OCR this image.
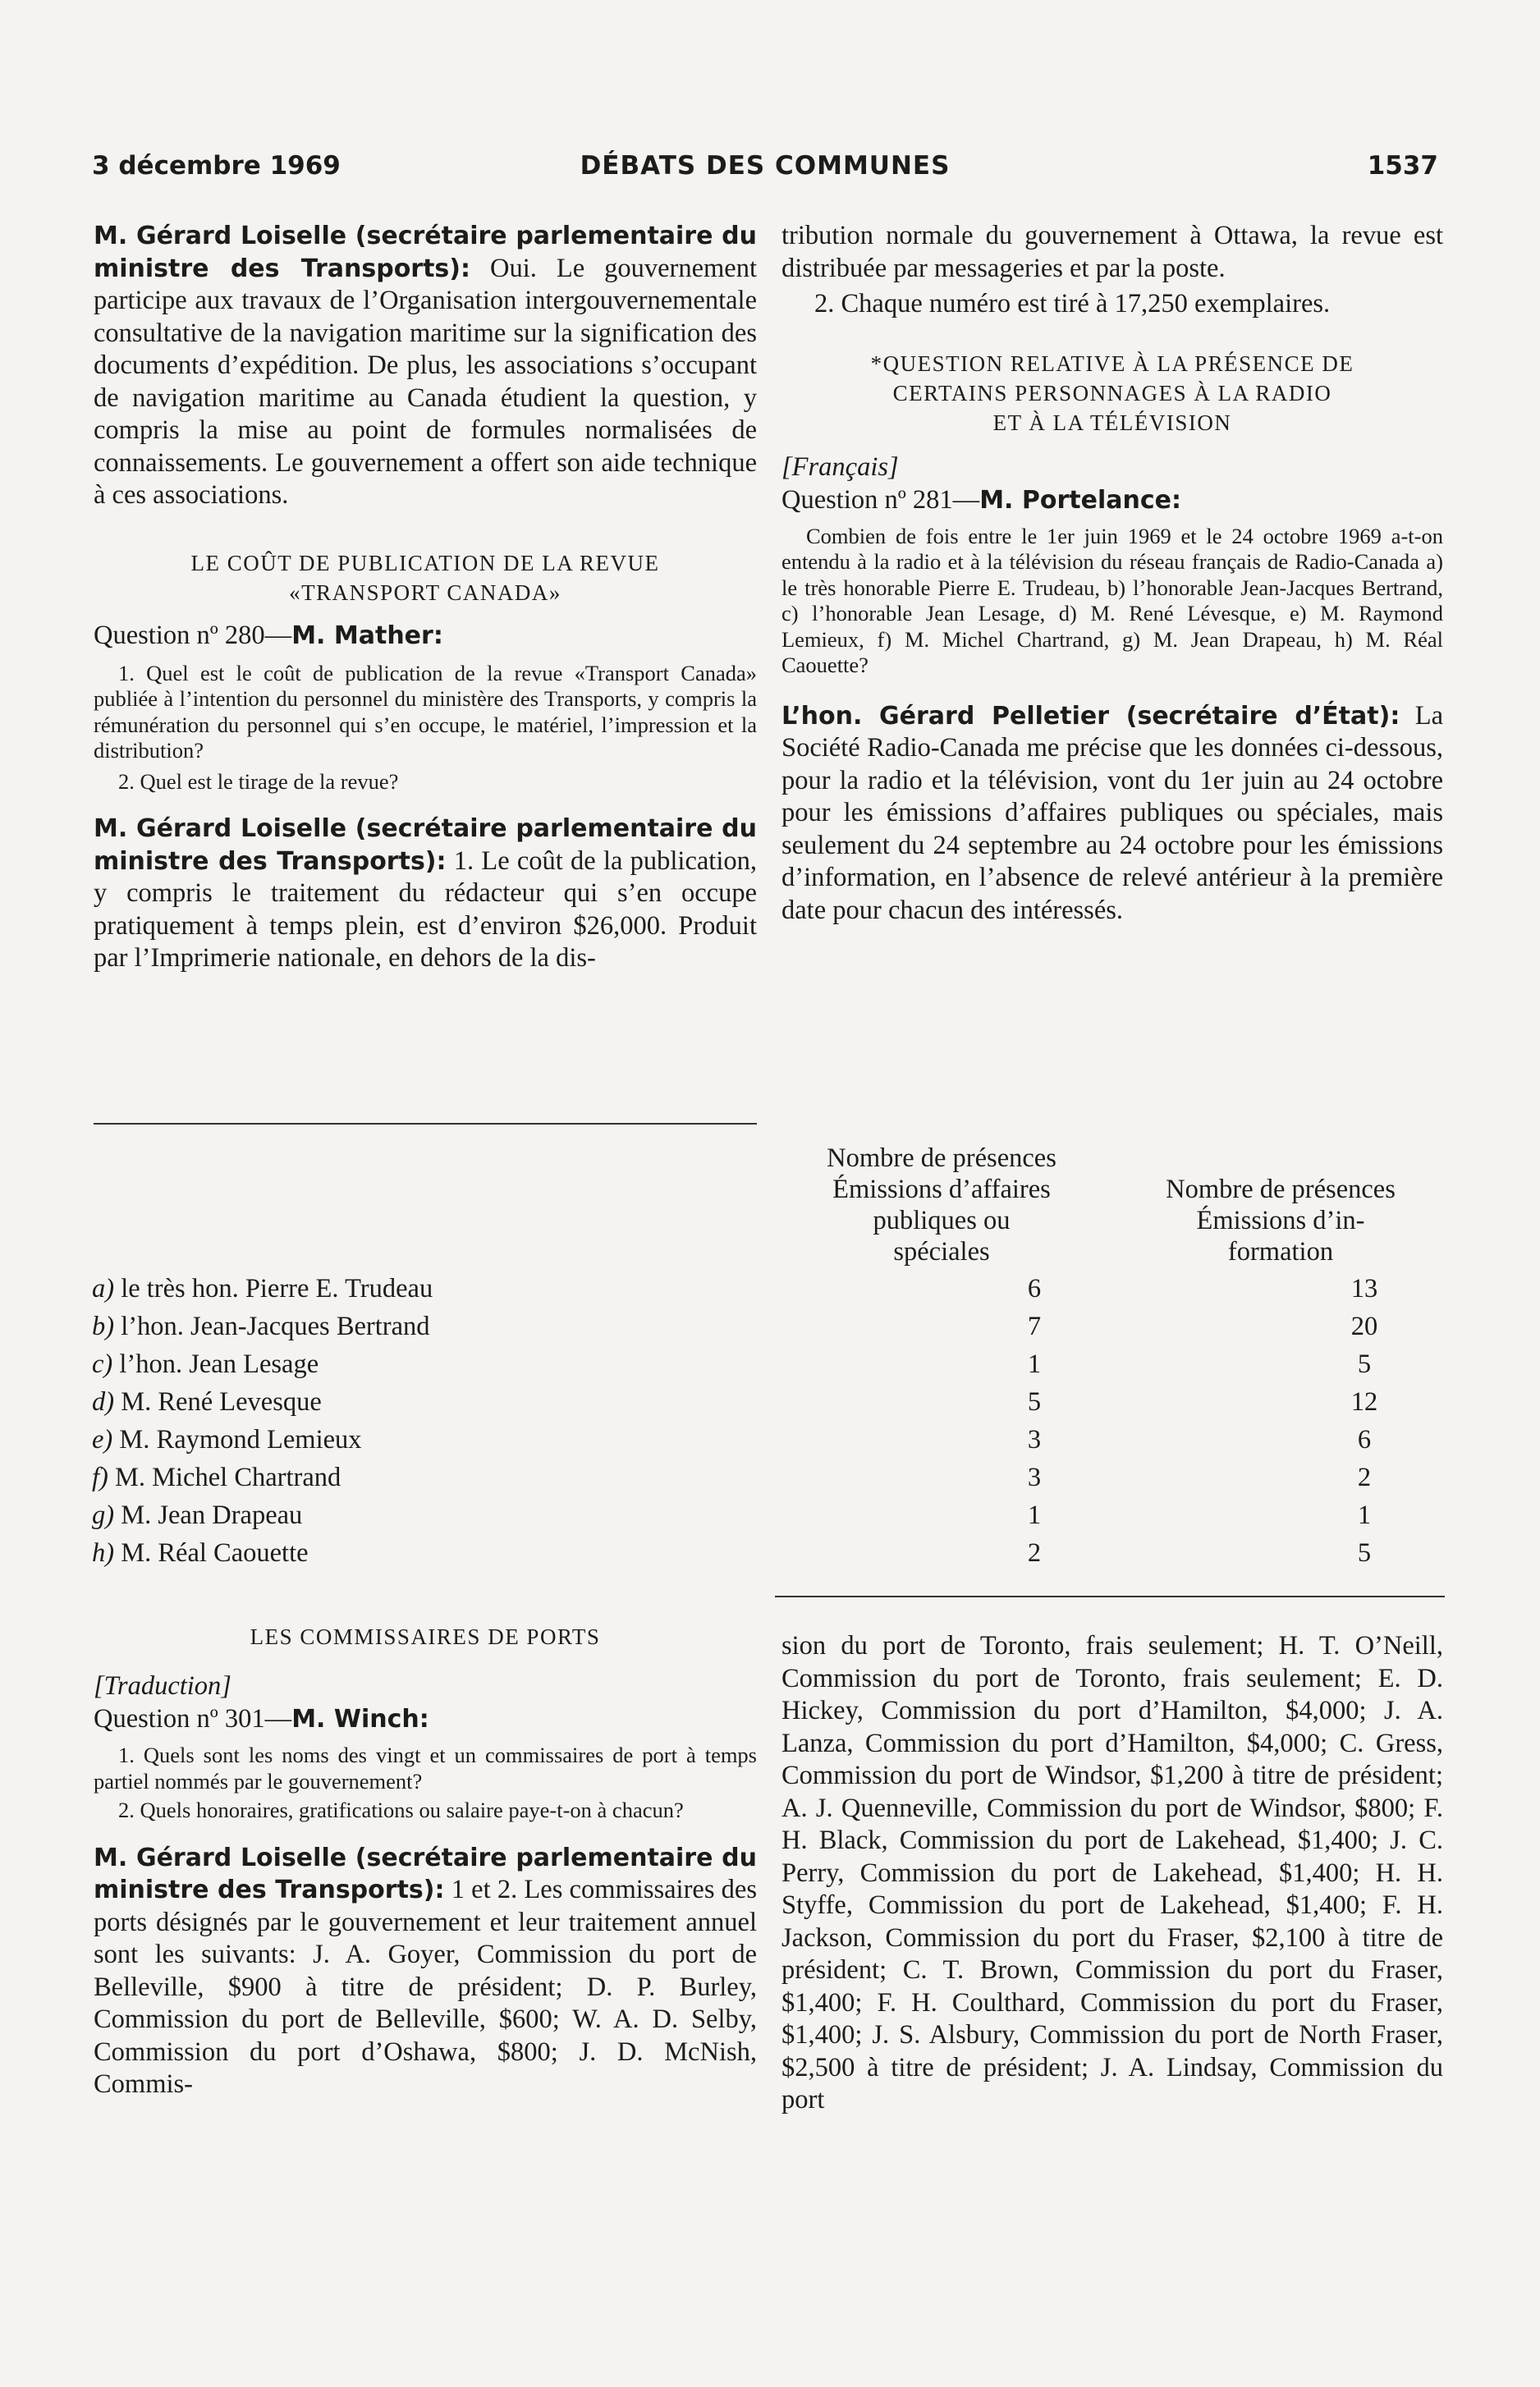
3 décembre 1969	DÉBATS DES COMMUNES	1537

M. Gérard Loiselle (secrétaire parlementaire du ministre des Transports): Oui. Le gouvernement participe aux travaux de l’Organisation intergouvernementale consultative de la navigation maritime sur la signification des documents d’expédition. De plus, les associations s’occupant de navigation maritime au Canada étudient la question, y compris la mise au point de formules normalisées de connaissements. Le gouvernement a offert son aide technique à ces associations.

LE COÛT DE PUBLICATION DE LA REVUE
«TRANSPORT CANADA»
Question nº 280—M. Mather:

1. Quel est le coût de publication de la revue «Transport Canada» publiée à l’intention du personnel du ministère des Transports, y compris la rémunération du personnel qui s’en occupe, le matériel, l’impression et la distribution?

2. Quel est le tirage de la revue?

M. Gérard Loiselle (secrétaire parlementaire du ministre des Transports): 1. Le coût de la publication, y compris le traitement du rédacteur qui s’en occupe pratiquement à temps plein, est d’environ $26,000. Produit par l’Imprimerie nationale, en dehors de la dis-

tribution normale du gouvernement à Ottawa, la revue est distribuée par messageries et par la poste.

2. Chaque numéro est tiré à 17,250 exemplaires.

*QUESTION RELATIVE À LA PRÉSENCE DE
CERTAINS PERSONNAGES À LA RADIO
ET À LA TÉLÉVISION
[Français]
Question nº 281—M. Portelance:

Combien de fois entre le 1er juin 1969 et le 24 octobre 1969 a-t-on entendu à la radio et à la télévision du réseau français de Radio-Canada a) le très honorable Pierre E. Trudeau, b) l’honorable Jean-Jacques Bertrand, c) l’honorable Jean Lesage, d) M. René Lévesque, e) M. Raymond Lemieux, f) M. Michel Chartrand, g) M. Jean Drapeau, h) M. Réal Caouette?

L’hon. Gérard Pelletier (secrétaire d’État): La Société Radio-Canada me précise que les données ci-dessous, pour la radio et la télévision, vont du 1er juin au 24 octobre pour les émissions d’affaires publiques ou spéciales, mais seulement du 24 septembre au 24 octobre pour les émissions d’information, en l’absence de relevé antérieur à la première date pour chacun des intéressés.

Nombre de présences
Émissions d’affaires
publiques ou
spéciales
Nombre de présences
Émissions d’in-
formation
a) le très hon. Pierre E. Trudeau	6	13
b) l’hon. Jean-Jacques Bertrand	7	20
c) l’hon. Jean Lesage	1	5
d) M. René Levesque	5	12
e) M. Raymond Lemieux	3	6
f) M. Michel Chartrand	3	2
g) M. Jean Drapeau	1	1
h) M. Réal Caouette	2	5
LES COMMISSAIRES DE PORTS
[Traduction]
Question nº 301—M. Winch:

1. Quels sont les noms des vingt et un commissaires de port à temps partiel nommés par le gouvernement?

2. Quels honoraires, gratifications ou salaire paye-t-on à chacun?

M. Gérard Loiselle (secrétaire parlementaire du ministre des Transports): 1 et 2. Les commissaires des ports désignés par le gouvernement et leur traitement annuel sont les suivants: J. A. Goyer, Commission du port de Belleville, $900 à titre de président; D. P. Burley, Commission du port de Belleville, $600; W. A. D. Selby, Commission du port d’Oshawa, $800; J. D. McNish, Commis-

sion du port de Toronto, frais seulement; H. T. O’Neill, Commission du port de Toronto, frais seulement; E. D. Hickey, Commission du port d’Hamilton, $4,000; J. A. Lanza, Commission du port d’Hamilton, $4,000; C. Gress, Commission du port de Windsor, $1,200 à titre de président; A. J. Quenneville, Commission du port de Windsor, $800; F. H. Black, Commission du port de Lakehead, $1,400; J. C. Perry, Commission du port de Lakehead, $1,400; H. H. Styffe, Commission du port de Lakehead, $1,400; F. H. Jackson, Commission du port du Fraser, $2,100 à titre de président; C. T. Brown, Commission du port du Fraser, $1,400; F. H. Coulthard, Commission du port du Fraser, $1,400; J. S. Alsbury, Commission du port de North Fraser, $2,500 à titre de président; J. A. Lindsay, Commission du port
